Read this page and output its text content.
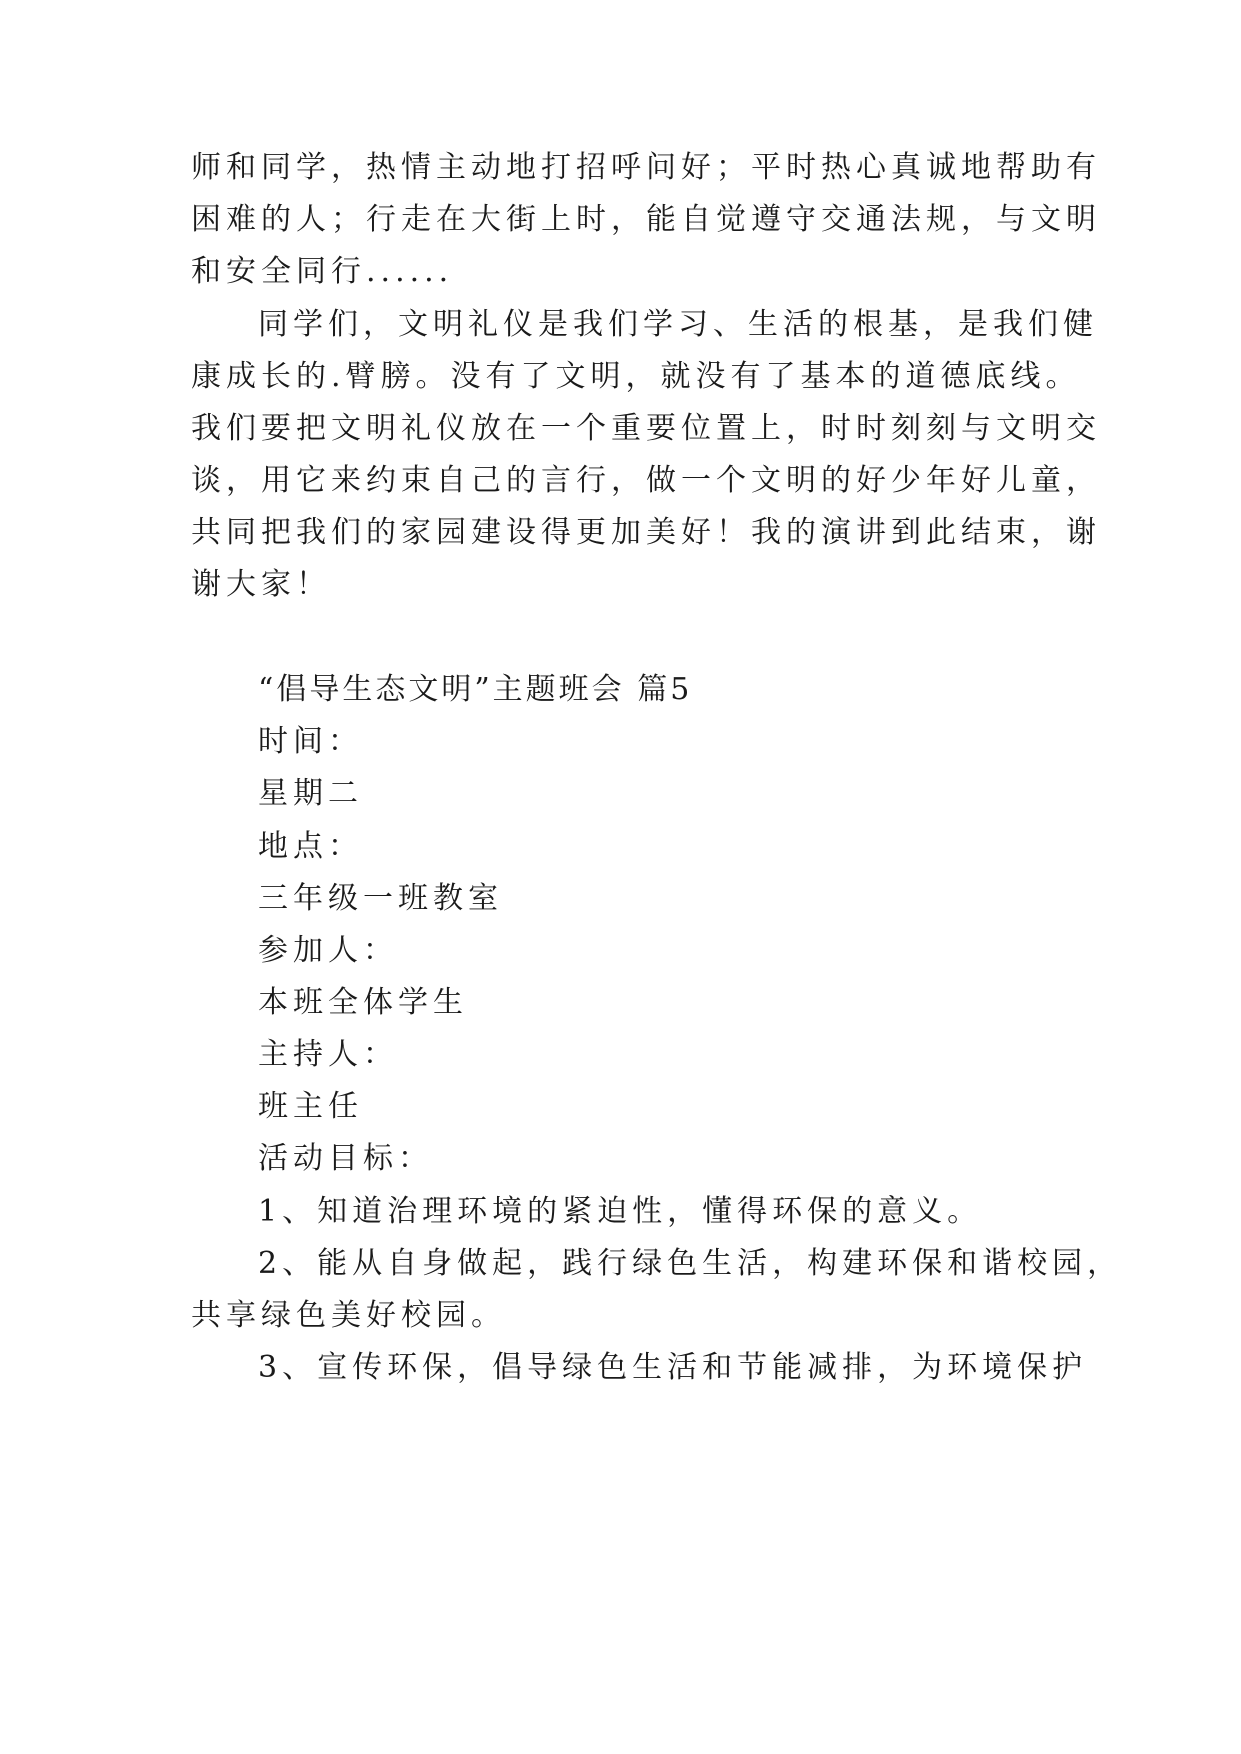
师和同学，热情主动地打招呼问好；平时热心真诚地帮助有
困难的人；行走在大街上时，能自觉遵守交通法规，与文明
和安全同行......
同学们，文明礼仪是我们学习、生活的根基，是我们健
康成长的.臂膀。没有了文明，就没有了基本的道德底线。
我们要把文明礼仪放在一个重要位置上，时时刻刻与文明交
谈，用它来约束自己的言行，做一个文明的好少年好儿童，
共同把我们的家园建设得更加美好！我的演讲到此结束，谢
谢大家！
“倡导生态文明”主题班会 篇5
时间：
星期二
地点：
三年级一班教室
参加人：
本班全体学生
主持人：
班主任
活动目标：
1、知道治理环境的紧迫性，懂得环保的意义。
2、能从自身做起，践行绿色生活，构建环保和谐校园，
共享绿色美好校园。
3、宣传环保，倡导绿色生活和节能减排，为环境保护
